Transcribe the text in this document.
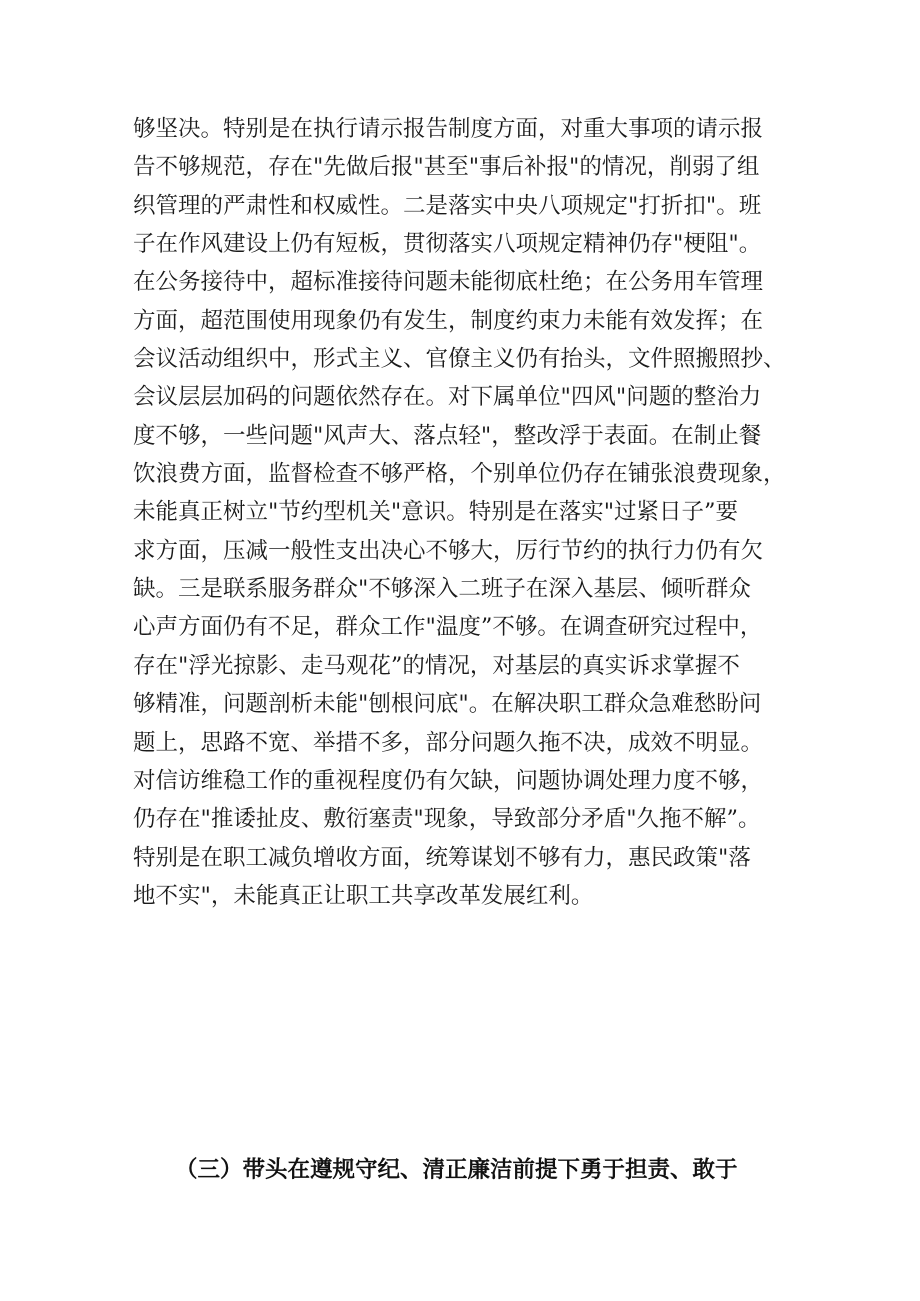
够坚决。特别是在执行请示报告制度方面，对重大事项的请示报
告不够规范，存在"先做后报"甚至"事后补报"的情况，削弱了组
织管理的严肃性和权威性。二是落实中央八项规定"打折扣"。班
子在作风建设上仍有短板，贯彻落实八项规定精神仍存"梗阻"。
在公务接待中，超标准接待问题未能彻底杜绝；在公务用车管理
方面，超范围使用现象仍有发生，制度约束力未能有效发挥；在
会议活动组织中，形式主义、官僚主义仍有抬头，文件照搬照抄、
会议层层加码的问题依然存在。对下属单位"四风"问题的整治力
度不够，一些问题"风声大、落点轻"，整改浮于表面。在制止餐
饮浪费方面，监督检查不够严格，个别单位仍存在铺张浪费现象，
未能真正树立"节约型机关"意识。特别是在落实"过紧日子”要
求方面，压减一般性支出决心不够大，厉行节约的执行力仍有欠
缺。三是联系服务群众"不够深入二班子在深入基层、倾听群众
心声方面仍有不足，群众工作"温度”不够。在调查研究过程中，
存在"浮光掠影、走马观花”的情况，对基层的真实诉求掌握不
够精准，问题剖析未能"刨根问底"。在解决职工群众急难愁盼问
题上，思路不宽、举措不多，部分问题久拖不决，成效不明显。
对信访维稳工作的重视程度仍有欠缺，问题协调处理力度不够，
仍存在"推诿扯皮、敷衍塞责"现象，导致部分矛盾"久拖不解”。
特别是在职工减负增收方面，统筹谋划不够有力，惠民政策"落
地不实"，未能真正让职工共享改革发展红利。
（三）带头在遵规守纪、清正廉洁前提下勇于担责、敢于
